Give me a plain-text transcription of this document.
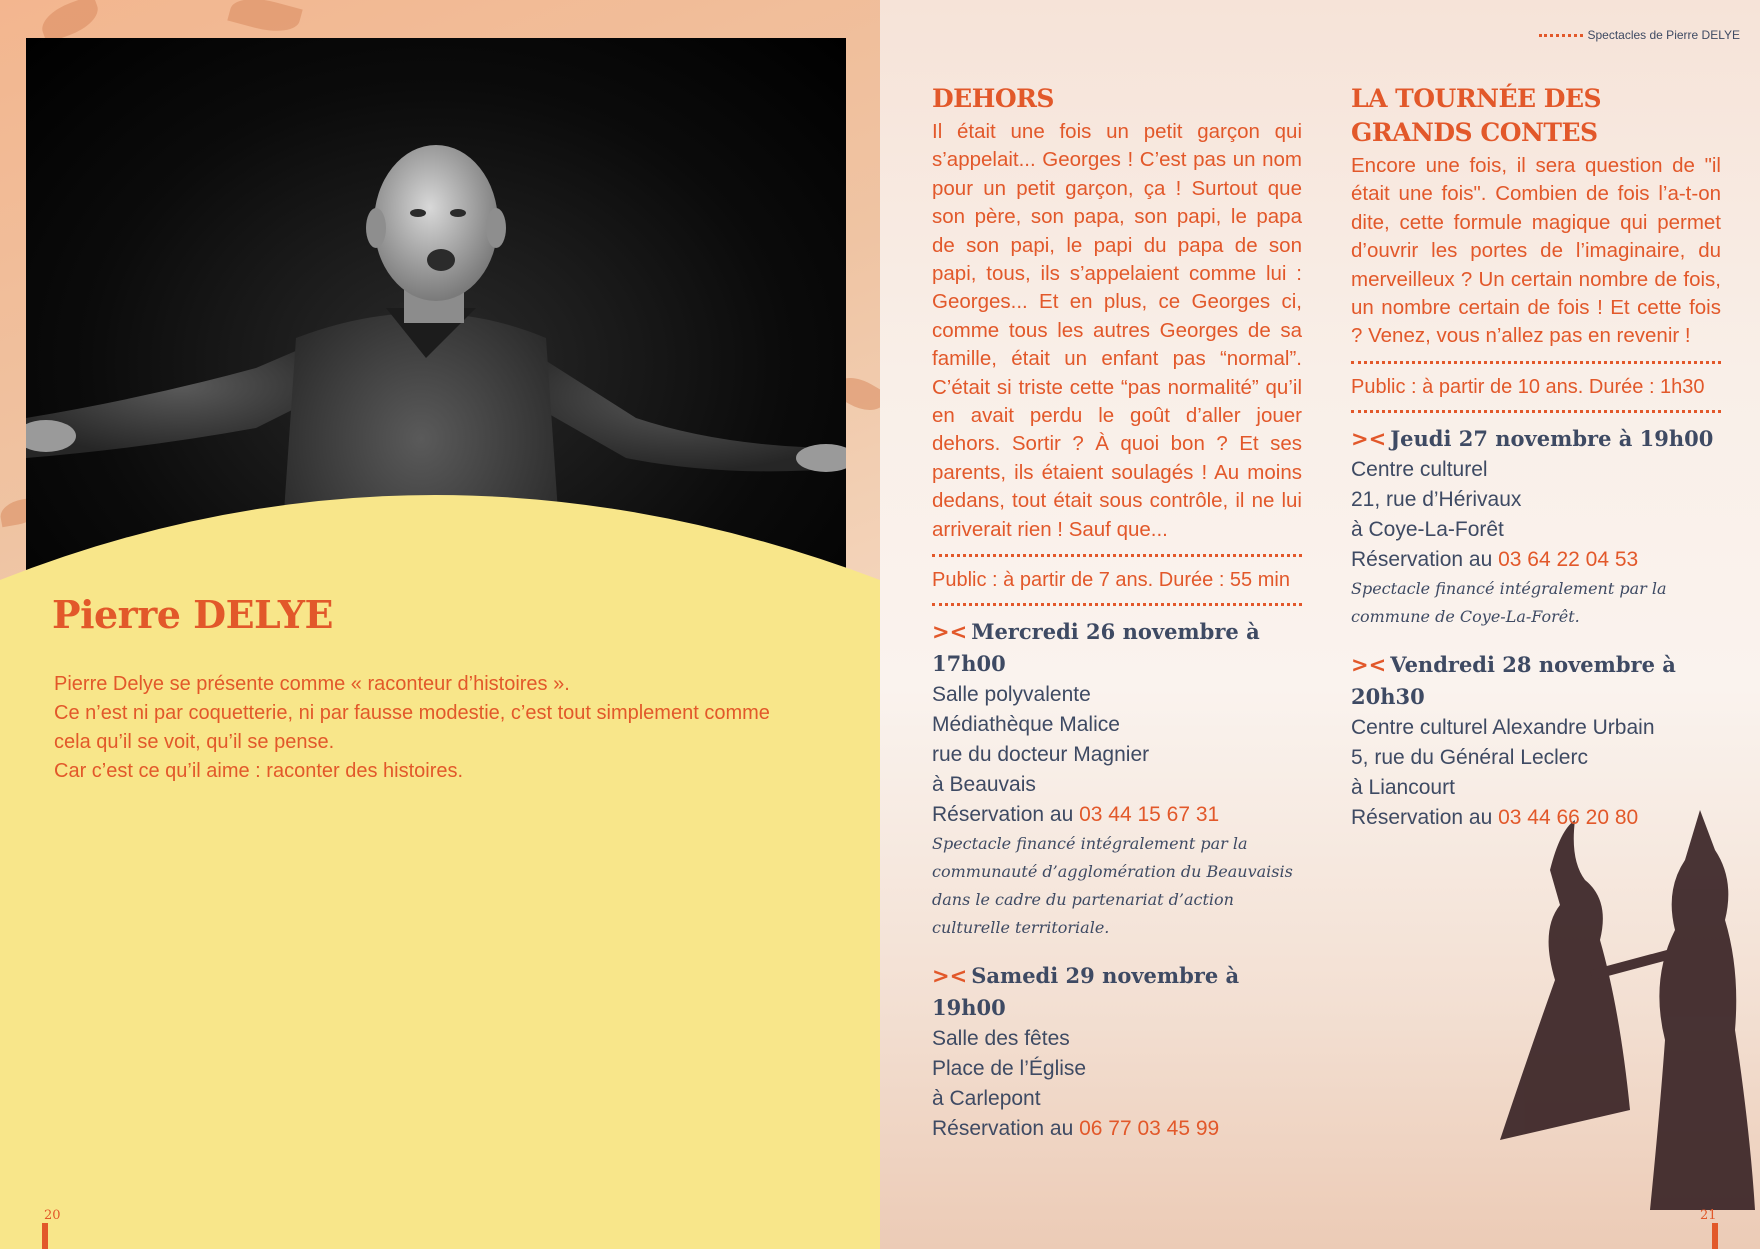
Pierre DELYE

Pierre Delye se présente comme « raconteur d’histoires ».

Ce n’est ni par coquetterie, ni par fausse modestie, c’est tout simplement comme

cela qu’il se voit, qu’il se pense.

Car c’est ce qu’il aime : raconter des histoires.

20
Spectacles de Pierre DELYE
DEHORS

Il était une fois un petit garçon qui s’appelait... Georges ! C’est pas un nom pour un petit garçon, ça ! Surtout que son père, son papa, son papi, le papa de son papi, le papi du papa de son papi, tous, ils s’appelaient comme lui : Georges... Et en plus, ce Georges ci, comme tous les autres Georges de sa famille, était un enfant pas “normal”. C’était si triste cette “pas normalité” qu’il en avait perdu le goût d’aller jouer dehors. Sortir ? À quoi bon ? Et ses parents, ils étaient soulagés ! Au moins dedans, tout était sous contrôle, il ne lui arriverait rien ! Sauf que...

Public : à partir de 7 ans. Durée : 55 min

>< Mercredi 26 novembre à 17h00
Salle polyvalente
Médiathèque Malice
rue du docteur Magnier
à Beauvais
Réservation au 03 44 15 67 31
Spectacle financé intégralement par la communauté d’agglomération du Beauvaisis dans le cadre du partenariat d’action culturelle territoriale.
>< Samedi 29 novembre à 19h00
Salle des fêtes
Place de l’Église
à Carlepont
Réservation au 06 77 03 45 99
LA TOURNÉE DES GRANDS CONTES

Encore une fois, il sera question de "il était une fois". Combien de fois l’a-t-on dite, cette formule magique qui permet d’ouvrir les portes de l’imaginaire, du merveilleux ? Un certain nombre de fois, un nombre certain de fois ! Et cette fois ? Venez, vous n’allez pas en revenir !

Public : à partir de 10 ans. Durée : 1h30

>< Jeudi 27 novembre à 19h00
Centre culturel
21, rue d’Hérivaux
à Coye-La-Forêt
Réservation au 03 64 22 04 53
Spectacle financé intégralement par la commune de Coye-La-Forêt.
>< Vendredi 28 novembre à 20h30
Centre culturel Alexandre Urbain
5, rue du Général Leclerc
à Liancourt
Réservation au 03 44 66 20 80
21
